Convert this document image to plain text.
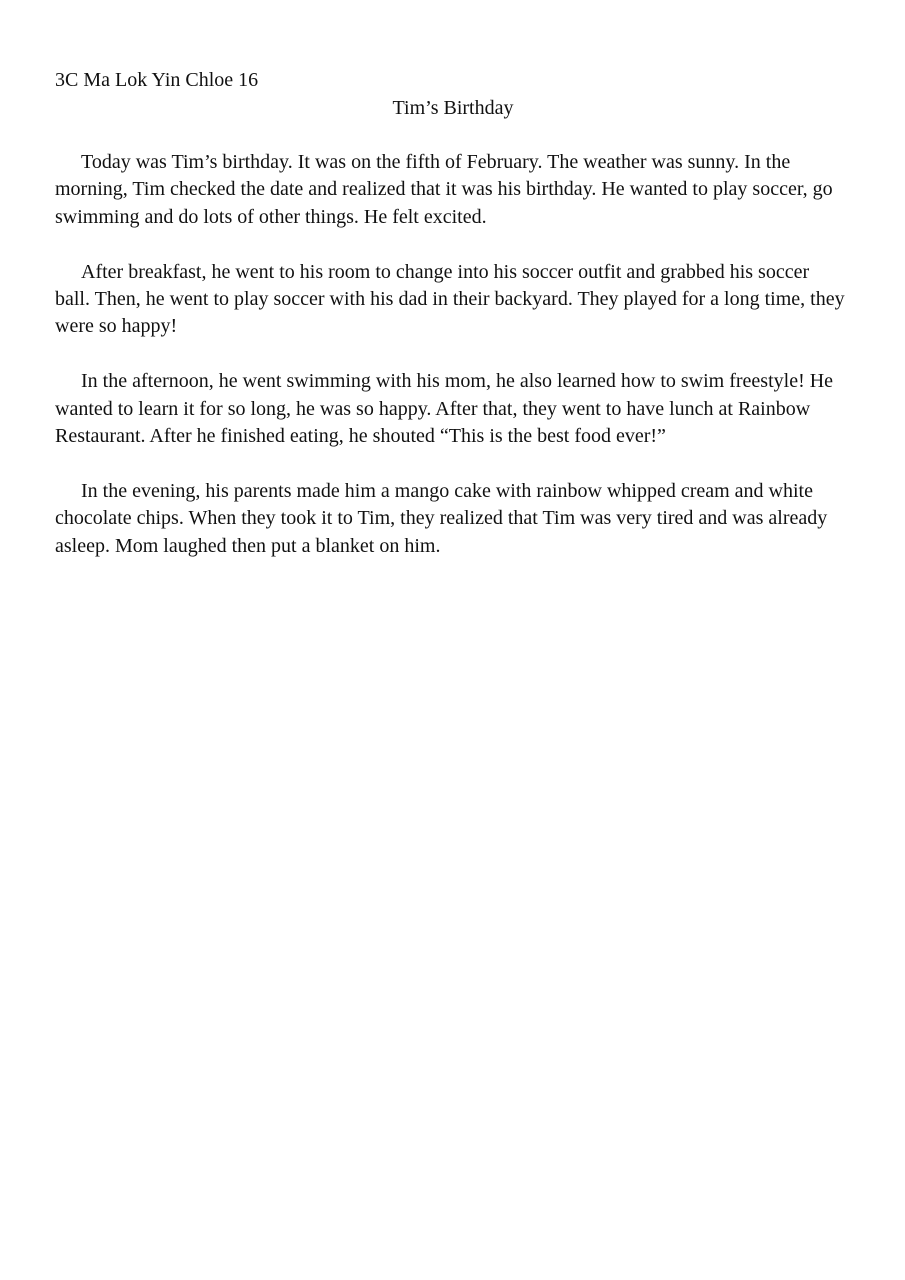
3C Ma Lok Yin Chloe 16

Tim’s Birthday

Today was Tim’s birthday. It was on the fifth of February. The weather was sunny. In the morning, Tim checked the date and realized that it was his birthday. He wanted to play soccer, go swimming and do lots of other things. He felt excited.

After breakfast, he went to his room to change into his soccer outfit and grabbed his soccer ball. Then, he went to play soccer with his dad in their backyard. They played for a long time, they were so happy!

In the afternoon, he went swimming with his mom, he also learned how to swim freestyle! He wanted to learn it for so long, he was so happy. After that, they went to have lunch at Rainbow Restaurant. After he finished eating, he shouted “This is the best food ever!”

In the evening, his parents made him a mango cake with rainbow whipped cream and white chocolate chips. When they took it to Tim, they realized that Tim was very tired and was already asleep. Mom laughed then put a blanket on him.
